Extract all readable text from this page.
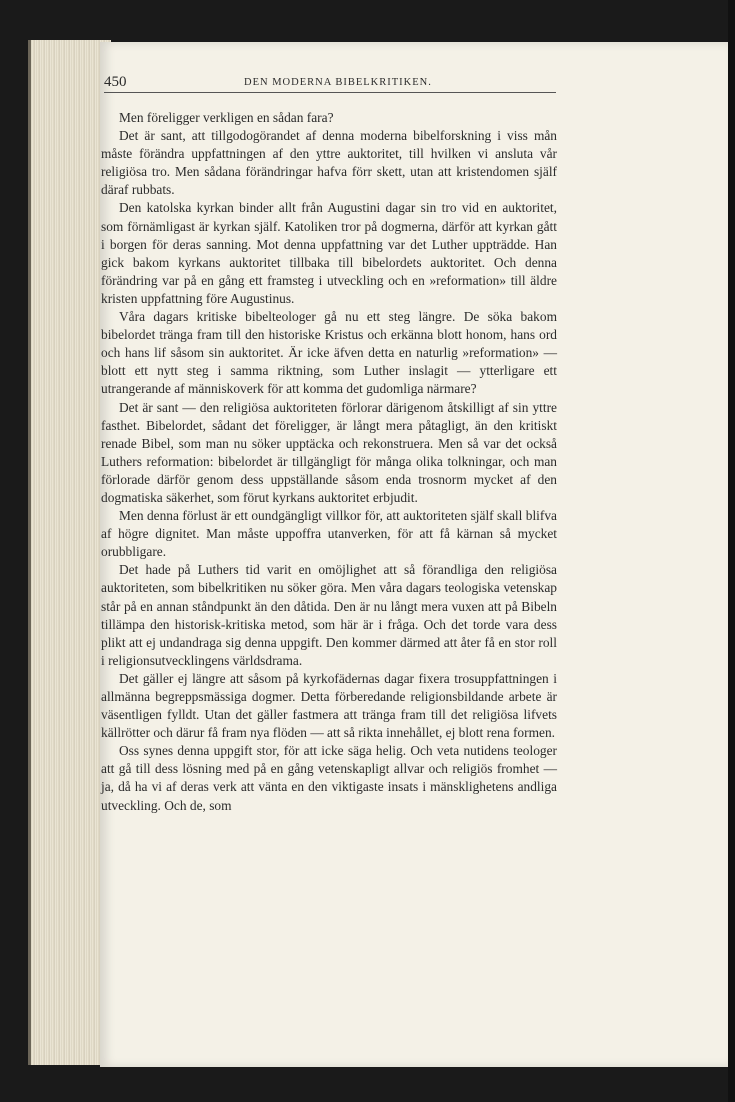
450	DEN MODERNA BIBELKRITIKEN.

Men föreligger verkligen en sådan fara?

Det är sant, att tillgodogörandet af denna moderna bibelforskning i viss mån måste förändra uppfattningen af den yttre auktoritet, till hvilken vi ansluta vår religiösa tro. Men sådana förändringar hafva förr skett, utan att kristendomen själf däraf rubbats.

Den katolska kyrkan binder allt från Augustini dagar sin tro vid en auktoritet, som förnämligast är kyrkan själf. Katoliken tror på dogmerna, därför att kyrkan gått i borgen för deras sanning. Mot denna uppfattning var det Luther uppträdde. Han gick bakom kyrkans auktoritet tillbaka till bibelordets auktoritet. Och denna förändring var på en gång ett framsteg i utveckling och en »reformation» till äldre kristen uppfattning före Augustinus.

Våra dagars kritiske bibelteologer gå nu ett steg längre. De söka bakom bibelordet tränga fram till den historiske Kristus och erkänna blott honom, hans ord och hans lif såsom sin auktoritet. Är icke äfven detta en naturlig »reformation» — blott ett nytt steg i samma riktning, som Luther inslagit — ytterligare ett utrangerande af människoverk för att komma det gudomliga närmare?

Det är sant — den religiösa auktoriteten förlorar därigenom åtskilligt af sin yttre fasthet. Bibelordet, sådant det föreligger, är långt mera påtagligt, än den kritiskt renade Bibel, som man nu söker upptäcka och rekonstruera. Men så var det också Luthers reformation: bibelordet är tillgängligt för många olika tolkningar, och man förlorade därför genom dess uppställande såsom enda trosnorm mycket af den dogmatiska säkerhet, som förut kyrkans auktoritet erbjudit.

Men denna förlust är ett oundgängligt villkor för, att auktoriteten själf skall blifva af högre dignitet. Man måste uppoffra utanverken, för att få kärnan så mycket orubbligare.

Det hade på Luthers tid varit en omöjlighet att så förandliga den religiösa auktoriteten, som bibelkritiken nu söker göra. Men våra dagars teologiska vetenskap står på en annan ståndpunkt än den dåtida. Den är nu långt mera vuxen att på Bibeln tillämpa den historisk-kritiska metod, som här är i fråga. Och det torde vara dess plikt att ej undandraga sig denna uppgift. Den kommer därmed att åter få en stor roll i religionsutvecklingens världsdrama.

Det gäller ej längre att såsom på kyrkofädernas dagar fixera trosuppfattningen i allmänna begreppsmässiga dogmer. Detta förberedande religionsbildande arbete är väsentligen fylldt. Utan det gäller fastmera att tränga fram till det religiösa lifvets källrötter och därur få fram nya flöden — att så rikta innehållet, ej blott rena formen.

Oss synes denna uppgift stor, för att icke säga helig. Och veta nutidens teologer att gå till dess lösning med på en gång vetenskapligt allvar och religiös fromhet — ja, då ha vi af deras verk att vänta en den viktigaste insats i mänsklighetens andliga utveckling. Och de, som
